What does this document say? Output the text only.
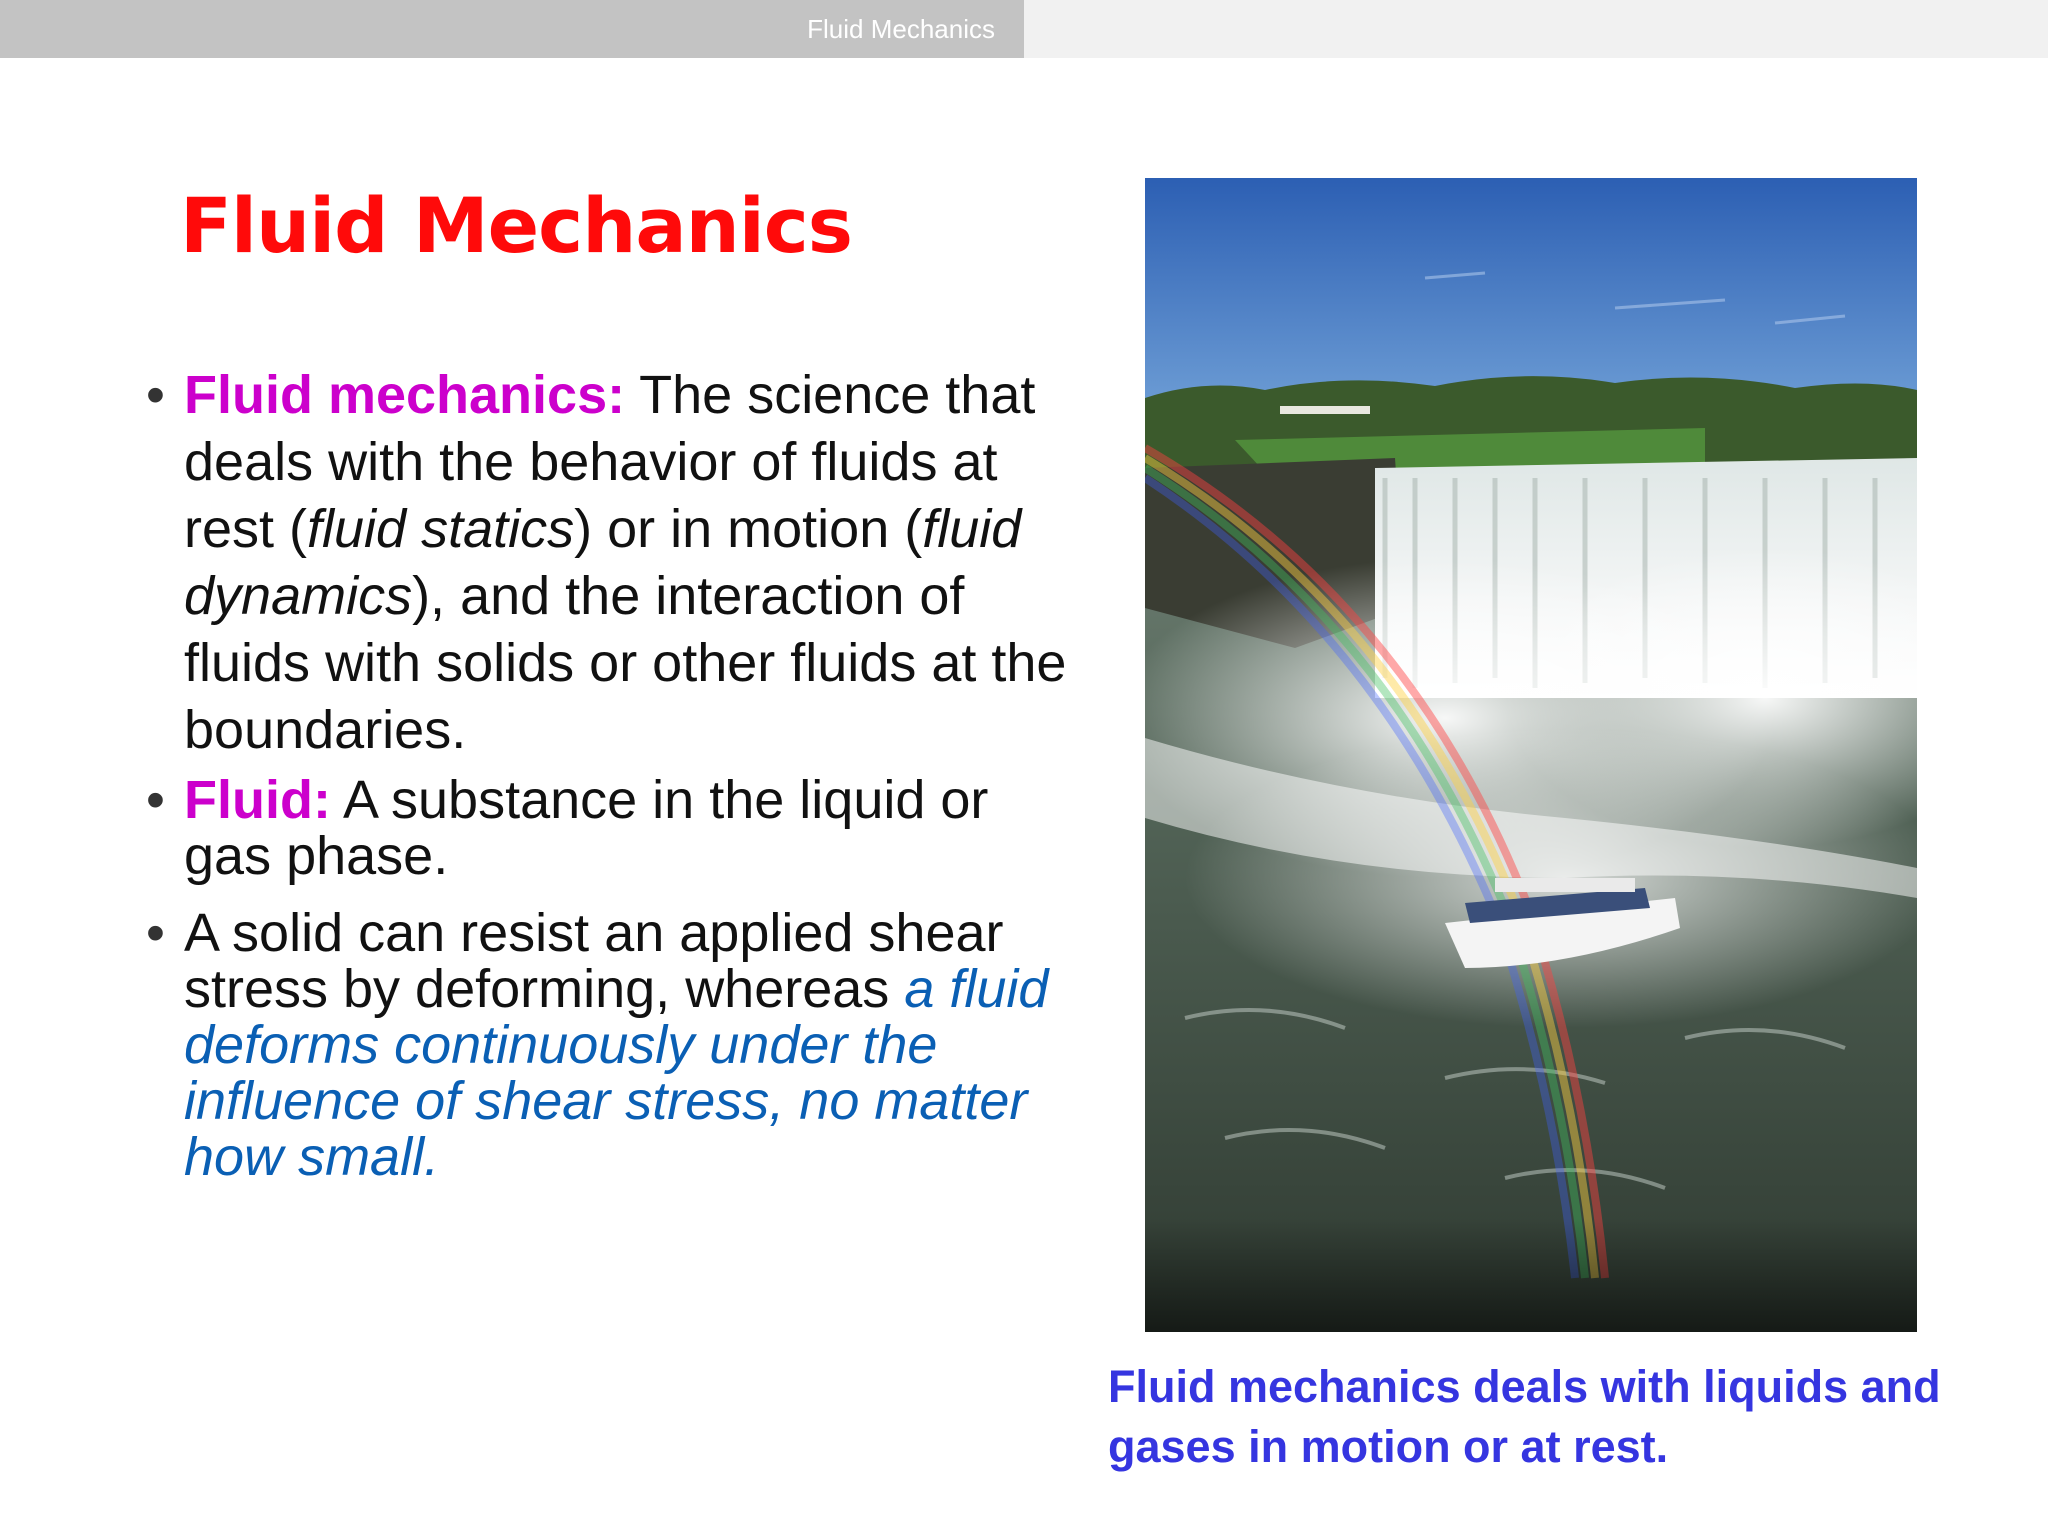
Fluid Mechanics
Fluid Mechanics
• Fluid mechanics: The science that deals with the behavior of fluids at rest (fluid statics) or in motion (fluid dynamics), and the interaction of fluids with solids or other fluids at the boundaries.
• Fluid: A substance in the liquid or gas phase.
• A solid can resist an applied shear stress by deforming, whereas a fluid deforms continuously under the influence of shear stress, no matter how small.

Fluid mechanics deals with liquids and gases in motion or at rest.
